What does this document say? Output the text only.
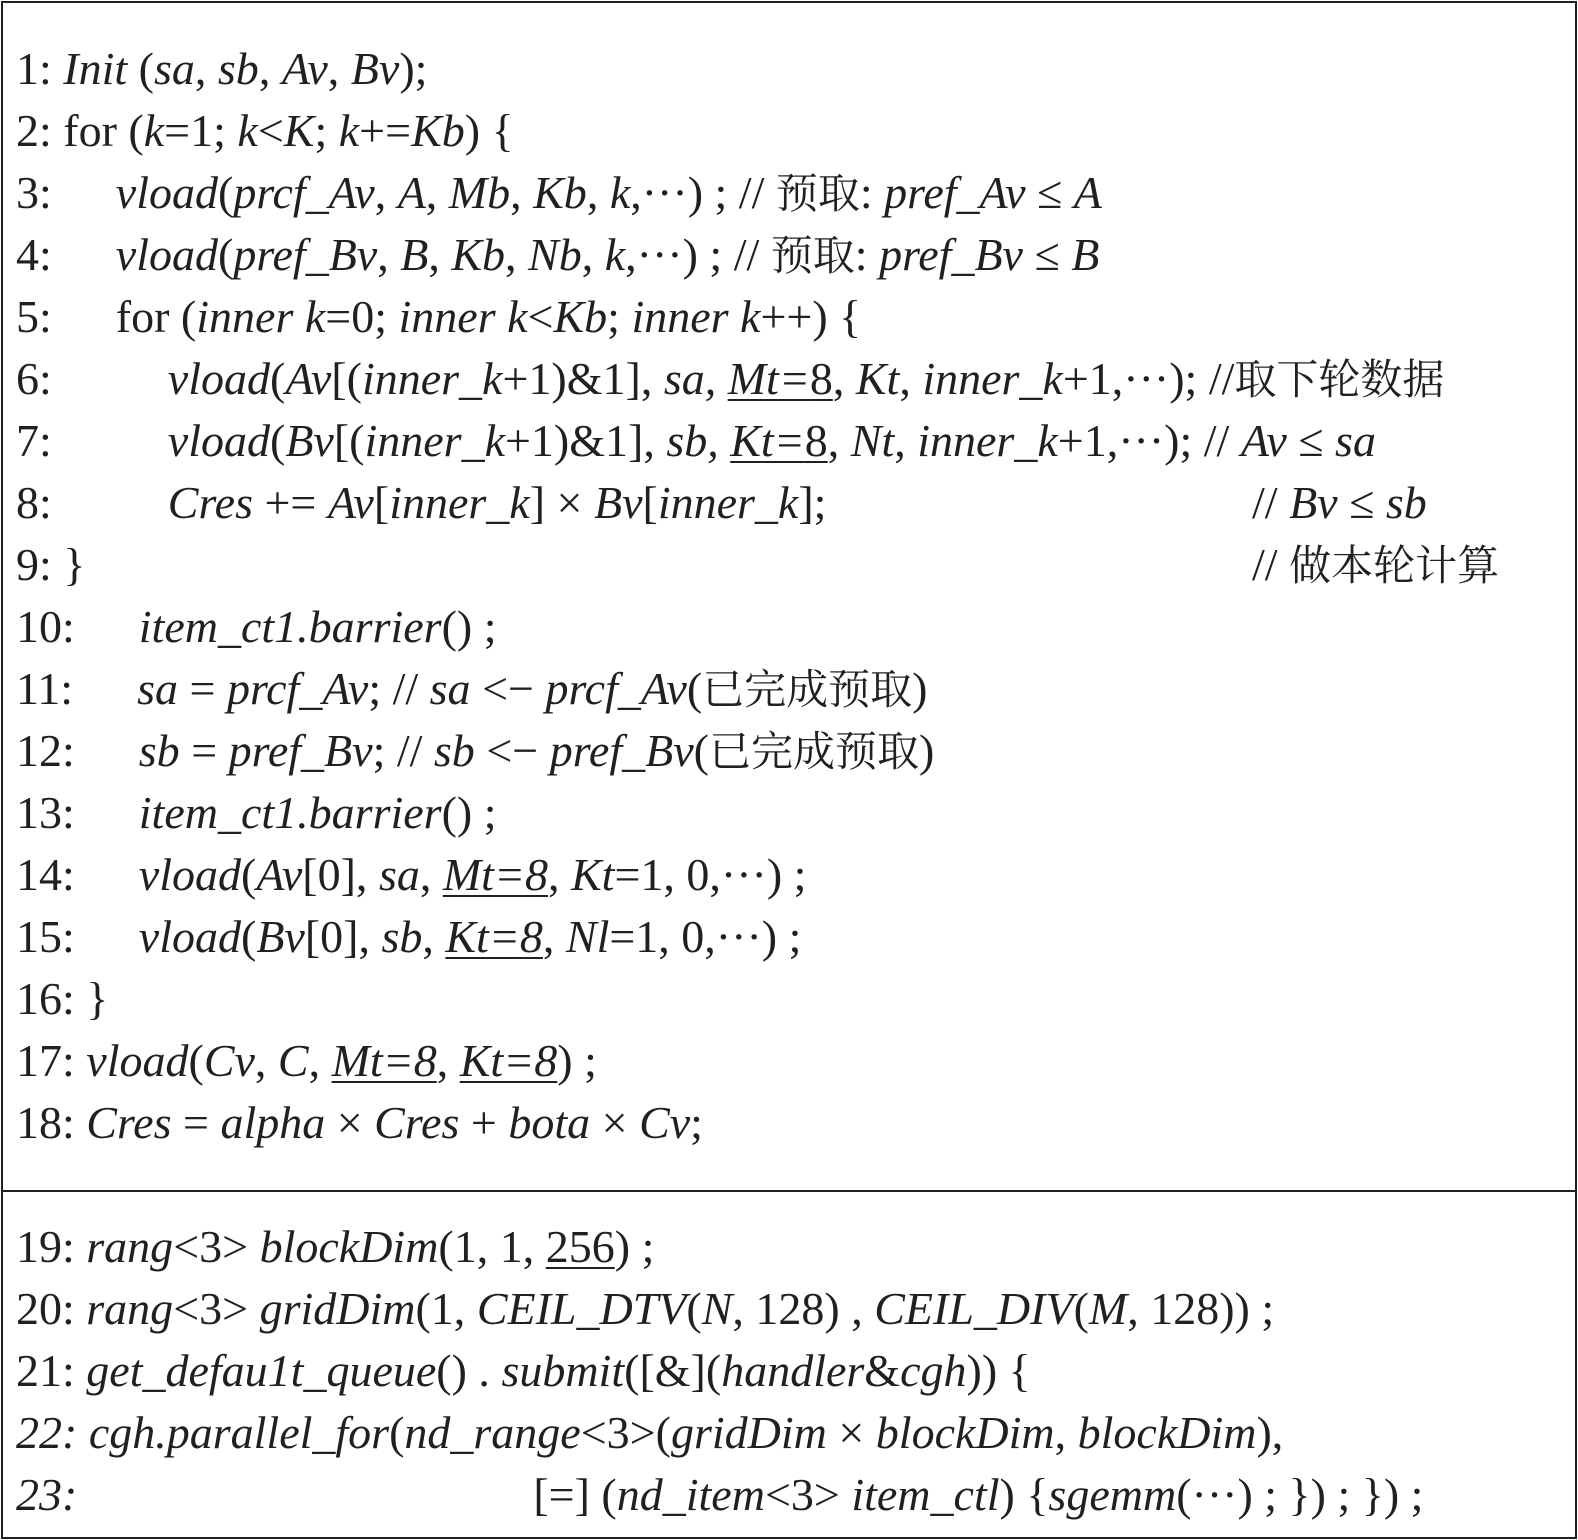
1: Init (sa, sb, Av, Bv);
2: for (k=1; k<K; k+=Kb) {
3: vload(prcf_Av, A, Mb, Kb, k,···) ; // 预取: pref_Av ≤ A
4: vload(pref_Bv, B, Kb, Nb, k,···) ; // 预取: pref_Bv ≤ B
5: for (inner k=0; inner k<Kb; inner k++) {
6:	vload(Av[(inner_k+1)&1], sa, Mt=8, Kt, inner_k+1,···); //取下轮数据
7:	vload(Bv[(inner_k+1)&1], sb, Kt=8, Nt, inner_k+1,···); // Av ≤ sa
8:	Cres += Av[inner_k] × Bv[inner_k];	// Bv ≤ sb
9: }	// 做本轮计算
10: item_ct1.barrier() ;
11: sa = prcf_Av; // sa <− prcf_Av(已完成预取)
12: sb = pref_Bv; // sb <− pref_Bv(已完成预取)
13: item_ct1.barrier() ;
14: vload(Av[0], sa, Mt=8, Kt=1, 0,···) ;
15: vload(Bv[0], sb, Kt=8, Nl=1, 0,···) ;
16: }
17: vload(Cv, C, Mt=8, Kt=8) ;
18: Cres = alpha × Cres + bota × Cv;
19: rang<3> blockDim(1, 1, 256) ;
20: rang<3> gridDim(1, CEIL_DTV(N, 128) , CEIL_DIV(M, 128)) ;
21: get_defau1t_queue() . submit([&](handler&cgh)) {
22: cgh.parallel_for(nd_range<3>(gridDim × blockDim, blockDim),
23:	[=] (nd_item<3> item_ctl) {sgemm(···) ; }) ; }) ;
